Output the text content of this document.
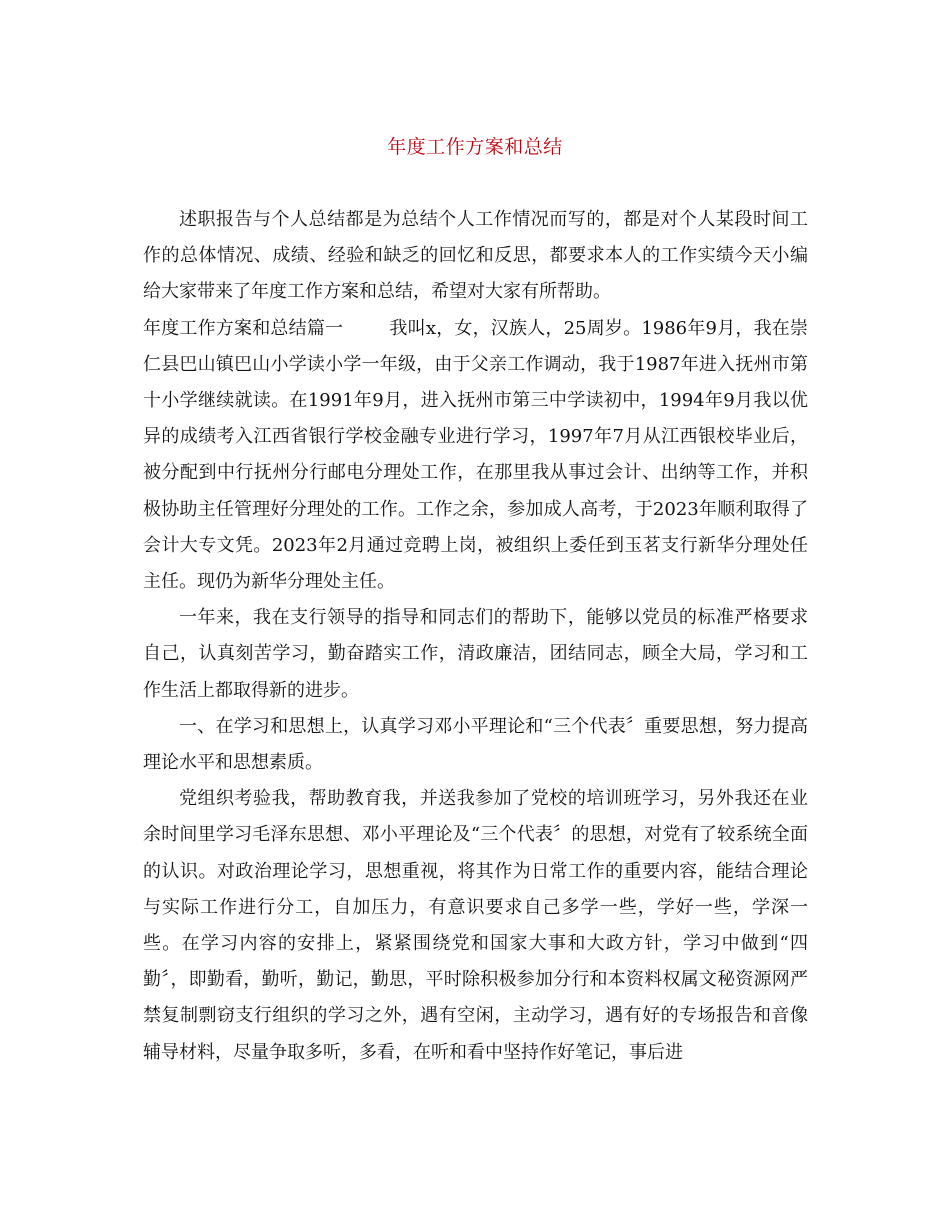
年度工作方案和总结

述职报告与个人总结都是为总结个人工作情况而写的，都是对个人某段时间工作的总体情况、成绩、经验和缺乏的回忆和反思，都要求本人的工作实绩今天小编给大家带来了年度工作方案和总结，希望对大家有所帮助。

年度工作方案和总结篇一	我叫x，女，汉族人，25周岁。1986年9月，我在崇仁县巴山镇巴山小学读小学一年级，由于父亲工作调动，我于1987年进入抚州市第十小学继续就读。在1991年9月，进入抚州市第三中学读初中，1994年9月我以优异的成绩考入江西省银行学校金融专业进行学习，1997年7月从江西银校毕业后，被分配到中行抚州分行邮电分理处工作，在那里我从事过会计、出纳等工作，并积极协助主任管理好分理处的工作。工作之余，参加成人高考，于2023年顺利取得了会计大专文凭。2023年2月通过竞聘上岗，被组织上委任到玉茗支行新华分理处任主任。现仍为新华分理处主任。

一年来，我在支行领导的指导和同志们的帮助下，能够以党员的标准严格要求自己，认真刻苦学习，勤奋踏实工作，清政廉洁，团结同志，顾全大局，学习和工作生活上都取得新的进步。

一、在学习和思想上，认真学习邓小平理论和“三个代表〞重要思想，努力提高理论水平和思想素质。

党组织考验我，帮助教育我，并送我参加了党校的培训班学习，另外我还在业余时间里学习毛泽东思想、邓小平理论及“三个代表〞的思想，对党有了较系统全面的认识。对政治理论学习，思想重视，将其作为日常工作的重要内容，能结合理论与实际工作进行分工，自加压力，有意识要求自己多学一些，学好一些，学深一些。在学习内容的安排上，紧紧围绕党和国家大事和大政方针，学习中做到“四勤〞，即勤看，勤听，勤记，勤思，平时除积极参加分行和本资料权属文秘资源网严禁复制剽窃支行组织的学习之外，遇有空闲，主动学习，遇有好的专场报告和音像辅导材料，尽量争取多听，多看，在听和看中坚持作好笔记，事后进
